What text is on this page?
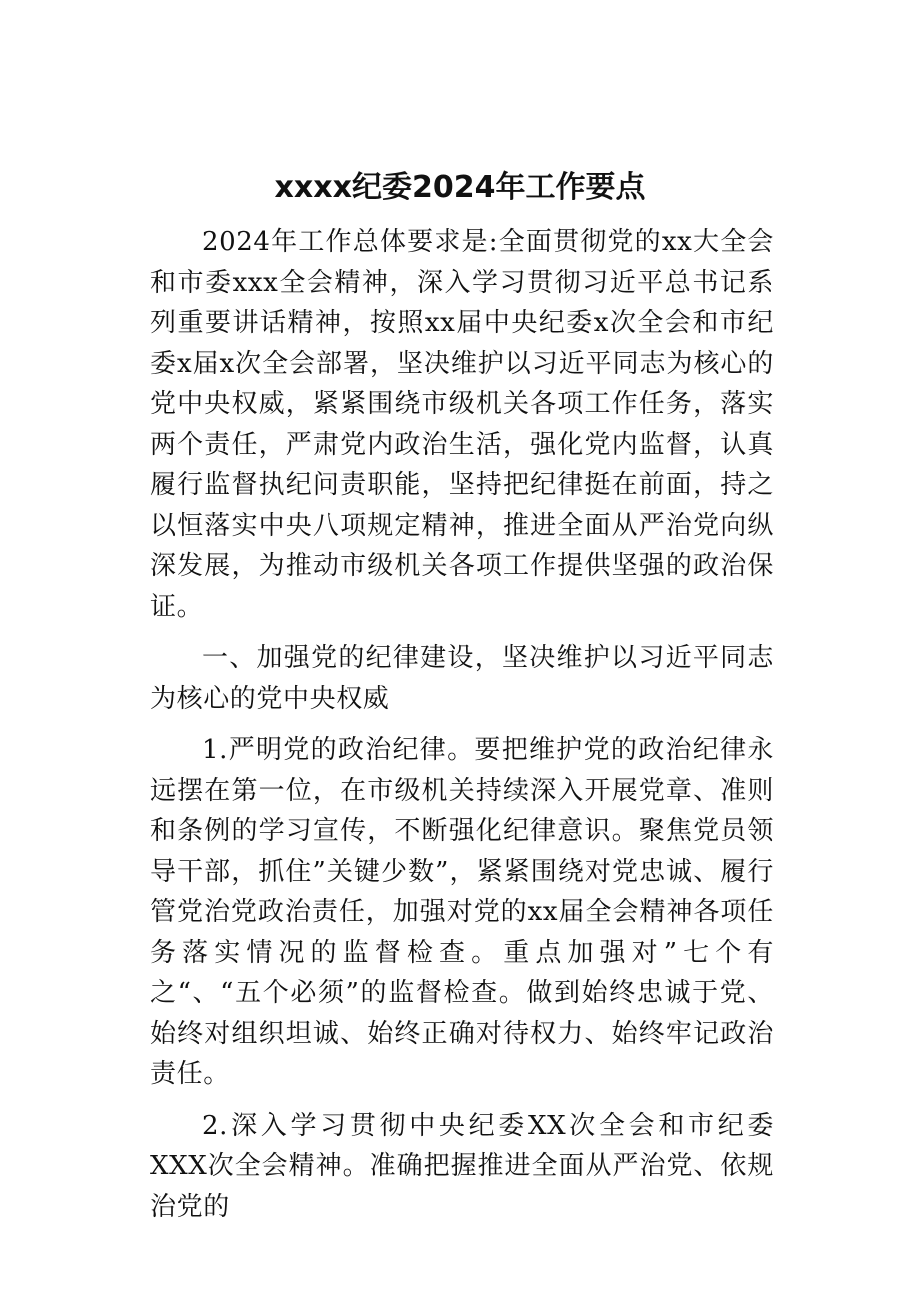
xxxx纪委2024年工作要点

2024年工作总体要求是:全面贯彻党的xx大全会和市委xxx全会精神，深入学习贯彻习近平总书记系列重要讲话精神，按照xx届中央纪委x次全会和市纪委x届x次全会部署，坚决维护以习近平同志为核心的党中央权威，紧紧围绕市级机关各项工作任务，落实两个责任，严肃党内政治生活，强化党内监督，认真履行监督执纪问责职能，坚持把纪律挺在前面，持之以恒落实中央八项规定精神，推进全面从严治党向纵深发展，为推动市级机关各项工作提供坚强的政治保证。

一、加强党的纪律建设，坚决维护以习近平同志为核心的党中央权威

1.严明党的政治纪律。要把维护党的政治纪律永远摆在第一位，在市级机关持续深入开展党章、准则和条例的学习宣传，不断强化纪律意识。聚焦党员领导干部，抓住”关键少数”，紧紧围绕对党忠诚、履行管党治党政治责任，加强对党的xx届全会精神各项任务落实情况的监督检查。重点加强对”七个有之“、“五个必须”的监督检查。做到始终忠诚于党、始终对组织坦诚、始终正确对待权力、始终牢记政治责任。

2.深入学习贯彻中央纪委XX次全会和市纪委XXX次全会精神。准确把握推进全面从严治党、依规治党的
